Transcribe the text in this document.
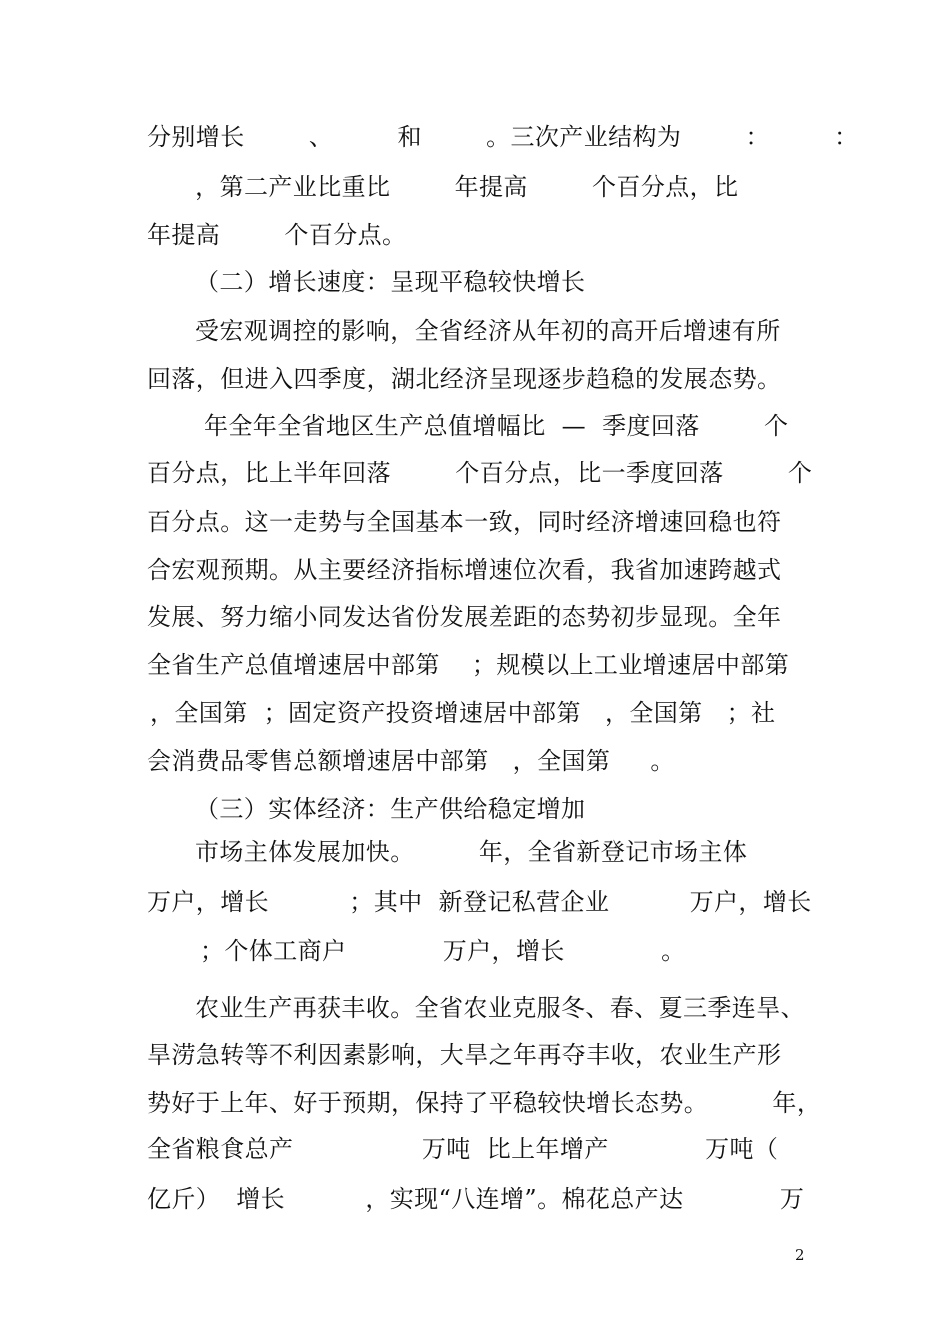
分别增长        、        和        。三次产业结构为        ：        ：
，第二产业比重比        年提高        个百分点，比
年提高        个百分点。
（二）增长速度：呈现平稳较快增长
受宏观调控的影响，全省经济从年初的高开后增速有所
回落，但进入四季度，湖北经济呈现逐步趋稳的发展态势。
年全年全省地区生产总值增幅比  —  季度回落        个
百分点，比上半年回落        个百分点，比一季度回落        个
百分点。这一走势与全国基本一致，同时经济增速回稳也符
合宏观预期。从主要经济指标增速位次看，我省加速跨越式
发展、努力缩小同发达省份发展差距的态势初步显现。全年
全省生产总值增速居中部第    ；规模以上工业增速居中部第
，全国第  ；固定资产投资增速居中部第   ，全国第   ；社
会消费品零售总额增速居中部第   ，全国第     。
（三）实体经济：生产供给稳定增加
市场主体发展加快。        年，全省新登记市场主体
万户，增长          ；其中  新登记私营企业          万户，增长
；个体工商户            万户，增长            。
农业生产再获丰收。全省农业克服冬、春、夏三季连旱、
旱涝急转等不利因素影响，大旱之年再夺丰收，农业生产形
势好于上年、好于预期，保持了平稳较快增长态势。        年，
全省粮食总产                万吨  比上年增产            万吨（
亿斤）  增长          ，实现“八连增”。棉花总产达            万
2
